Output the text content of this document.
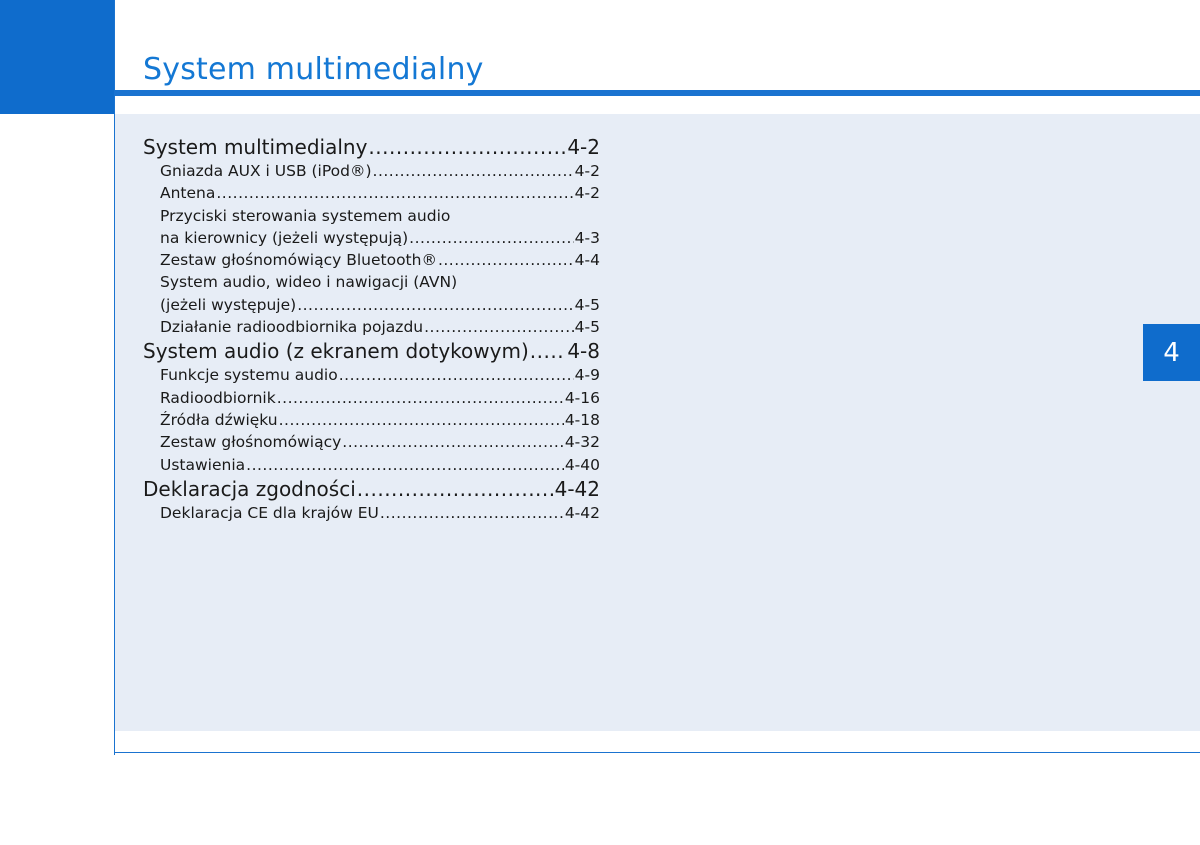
System multimedialny
4
System multimedialny .....	4-2
Gniazda AUX i USB (iPod®) .....	4-2
Antena .....	4-2
Przyciski sterowania systemem audio
na kierownicy (jeżeli występują) .....	4-3
Zestaw głośnomówiący Bluetooth® .....	4-4
System audio, wideo i nawigacji (AVN)
(jeżeli występuje) .....	4-5
Działanie radioodbiornika pojazdu .....	4-5
System audio (z ekranem dotykowym) ..... 4-8
Funkcje systemu audio .....	4-9
Radioodbiornik .....	4-16
Źródła dźwięku .....	4-18
Zestaw głośnomówiący .....	4-32
Ustawienia .....	4-40
Deklaracja zgodności .....	4-42
Deklaracja CE dla krajów EU .....	4-42
